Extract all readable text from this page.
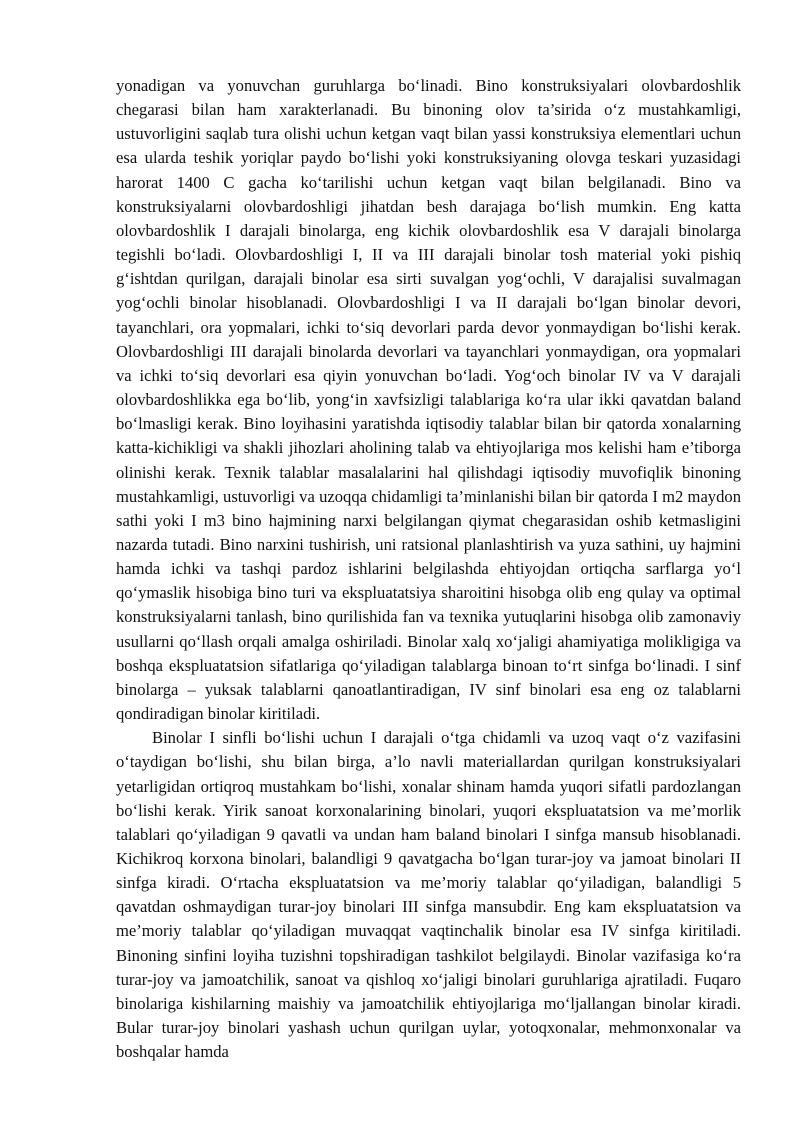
yonadigan va yonuvchan guruhlarga bo‘linadi. Bino konstruksiyalari olovbardoshlik chegarasi bilan ham xarakterlanadi. Bu binoning olov ta’sirida o‘z mustahkamligi, ustuvorligini saqlab tura olishi uchun ketgan vaqt bilan yassi konstruksiya elementlari uchun esa ularda teshik yoriqlar paydo bo‘lishi yoki konstruksiyaning olovga teskari yuzasidagi harorat 1400 C gacha ko‘tarilishi uchun ketgan vaqt bilan belgilanadi. Bino va konstruksiyalarni olovbardoshligi jihatdan besh darajaga bo‘lish mumkin. Eng katta olovbardoshlik I darajali binolarga, eng kichik olovbardoshlik esa V darajali binolarga tegishli bo‘ladi. Olovbardoshligi I, II va III darajali binolar tosh material yoki pishiq g‘ishtdan qurilgan, darajali binolar esa sirti suvalgan yog‘ochli, V darajalisi suvalmagan yog‘ochli binolar hisoblanadi. Olovbardoshligi I va II darajali bo‘lgan binolar devori, tayanchlari, ora yopmalari, ichki to‘siq devorlari parda devor yonmaydigan bo‘lishi kerak. Olovbardoshligi III darajali binolarda devorlari va tayanchlari yonmaydigan, ora yopmalari va ichki to‘siq devorlari esa qiyin yonuvchan bo‘ladi. Yog‘och binolar IV va V darajali olovbardoshlikka ega bo‘lib, yong‘in xavfsizligi talablariga ko‘ra ular ikki qavatdan baland bo‘lmasligi kerak. Bino loyihasini yaratishda iqtisodiy talablar bilan bir qatorda xonalarning katta-kichikligi va shakli jihozlari aholining talab va ehtiyojlariga mos kelishi ham e’tiborga olinishi kerak. Texnik talablar masalalarini hal qilishdagi iqtisodiy muvofiqlik binoning mustahkamligi, ustuvorligi va uzoqqa chidamligi ta’minlanishi bilan bir qatorda I m2 maydon sathi yoki I m3 bino hajmining narxi belgilangan qiymat chegarasidan oshib ketmasligini nazarda tutadi. Bino narxini tushirish, uni ratsional planlashtirish va yuza sathini, uy hajmini hamda ichki va tashqi pardoz ishlarini belgilashda ehtiyojdan ortiqcha sarflarga yo‘l qo‘ymaslik hisobiga bino turi va ekspluatatsiya sharoitini hisobga olib eng qulay va optimal konstruksiyalarni tanlash, bino qurilishida fan va texnika yutuqlarini hisobga olib zamonaviy usullarni qo‘llash orqali amalga oshiriladi. Binolar xalq xo‘jaligi ahamiyatiga molikligiga va boshqa ekspluatatsion sifatlariga qo‘yiladigan talablarga binoan to‘rt sinfga bo‘linadi. I sinf binolarga – yuksak talablarni qanoatlantiradigan, IV sinf binolari esa eng oz talablarni qondiradigan binolar kiritiladi.

Binolar I sinfli bo‘lishi uchun I darajali o‘tga chidamli va uzoq vaqt o‘z vazifasini o‘taydigan bo‘lishi, shu bilan birga, a’lo navli materiallardan qurilgan konstruksiyalari yetarligidan ortiqroq mustahkam bo‘lishi, xonalar shinam hamda yuqori sifatli pardozlangan bo‘lishi kerak. Yirik sanoat korxonalarining binolari, yuqori ekspluatatsion va me’morlik talablari qo‘yiladigan 9 qavatli va undan ham baland binolari I sinfga mansub hisoblanadi. Kichikroq korxona binolari, balandligi 9 qavatgacha bo‘lgan turar-joy va jamoat binolari II sinfga kiradi. O‘rtacha ekspluatatsion va me’moriy talablar qo‘yiladigan, balandligi 5 qavatdan oshmaydigan turar-joy binolari III sinfga mansubdir. Eng kam ekspluatatsion va me’moriy talablar qo‘yiladigan muvaqqat vaqtinchalik binolar esa IV sinfga kiritiladi. Binoning sinfini loyiha tuzishni topshiradigan tashkilot belgilaydi. Binolar vazifasiga ko‘ra turar-joy va jamoatchilik, sanoat va qishloq xo‘jaligi binolari guruhlariga ajratiladi. Fuqaro binolariga kishilarning maishiy va jamoatchilik ehtiyojlariga mo‘ljallangan binolar kiradi. Bular turar-joy binolari yashash uchun qurilgan uylar, yotoqxonalar, mehmonxonalar va boshqalar hamda
